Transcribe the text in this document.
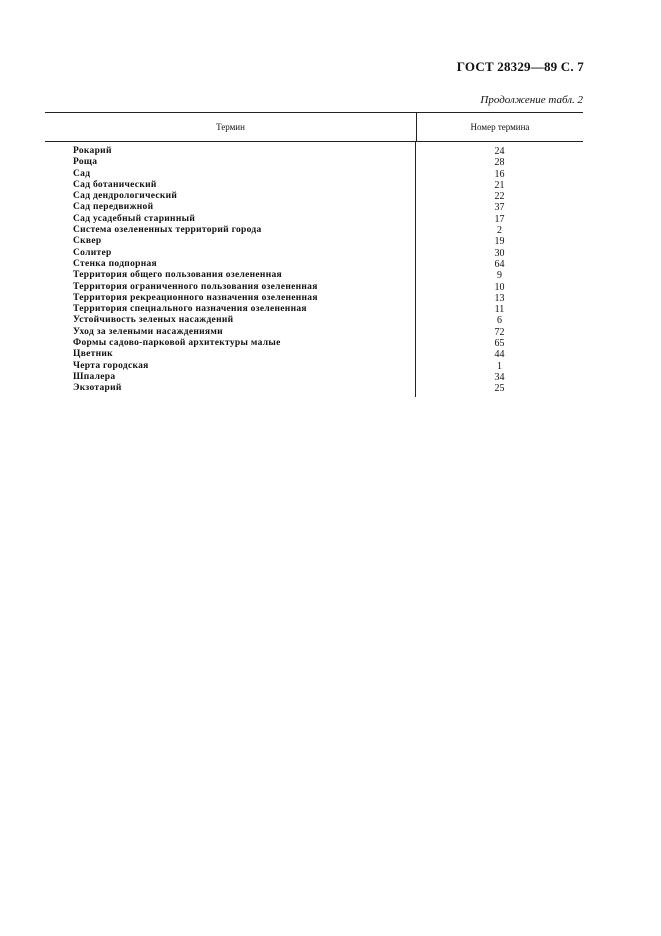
ГОСТ 28329—89 С. 7
Продолжение табл. 2
Термин	Номер термина
Рокарий
Роща
Сад
Сад ботанический
Сад дендрологический
Сад передвижной
Сад усадебный старинный
Система озелененных территорий города
Сквер
Солитер
Стенка подпорная
Территория общего пользования озелененная
Территория ограниченного пользования озелененная
Территория рекреационного назначения озелененная
Территория специального назначения озелененная
Устойчивость зеленых насаждений
Уход за зелеными насаждениями
Формы садово-парковой архитектуры малые
Цветник
Черта городская
Шпалера
Экзотарий
24
28
16
21
22
37
17
2
19
30
64
9
10
13
11
6
72
65
44
1
34
25
